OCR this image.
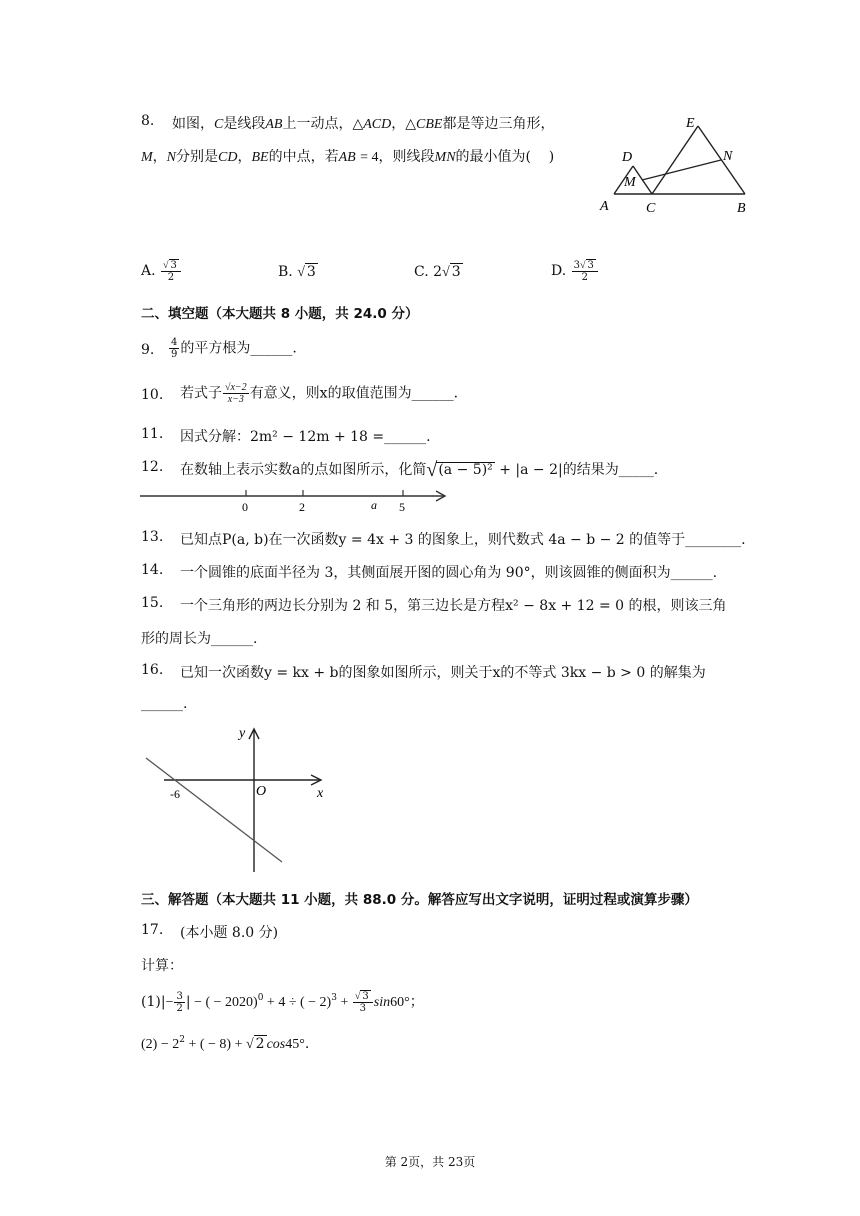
8. 如图，C是线段AB上一动点，△ACD，△CBE都是等边三角形，
M，N分别是CD，BE的中点，若AB = 4，则线段MN的最小值为(    )
E
D	N
M
A	C	B
A. $\frac{√ 3}{2}$	B. √ 3	C. 2√ 3	D. $\frac{3√ 3}{2}$
二、填空题（本大题共 8 小题，共 24.0 分）
9. $\frac{4}{9}$ 的平方根为______.
10. 若式子 $\frac{√x-2}{x-3}$ 有意义，则x的取值范围为______.
11. 因式分解：2m² − 12m + 18 =______.
12. 在数轴上表示实数a的点如图所示，化简√(a − 5)² + |a − 2|的结果为_____.
0	2	a 5
13. 已知点P(a, b)在一次函数y = 4x + 3 的图象上，则代数式 4a − b − 2 的值等于________.
14. 一个圆锥的底面半径为 3，其侧面展开图的圆心角为 90°，则该圆锥的侧面积为______.
15. 一个三角形的两边长分别为 2 和 5，第三边长是方程x² − 8x + 12 = 0 的根，则该三角
形的周长为______.
16. 已知一次函数y = kx + b的图象如图所示，则关于x的不等式 3kx − b > 0 的解集为
______.
y
x
O
-6
三、解答题（本大题共 11 小题，共 88.0 分。解答应写出文字说明，证明过程或演算步骤）
17. (本小题 8.0 分)
计算：
$(1)|- \frac{3}{2}$ | − ( − 2020)$^0$ + 4 ÷ ( − $2)^3 + \frac{√ 3}{3} \sin 60^\circ$；
$(2) - 2^2$ + ( − 8) + √ 2 cos45°.
第 2页，共 23页
